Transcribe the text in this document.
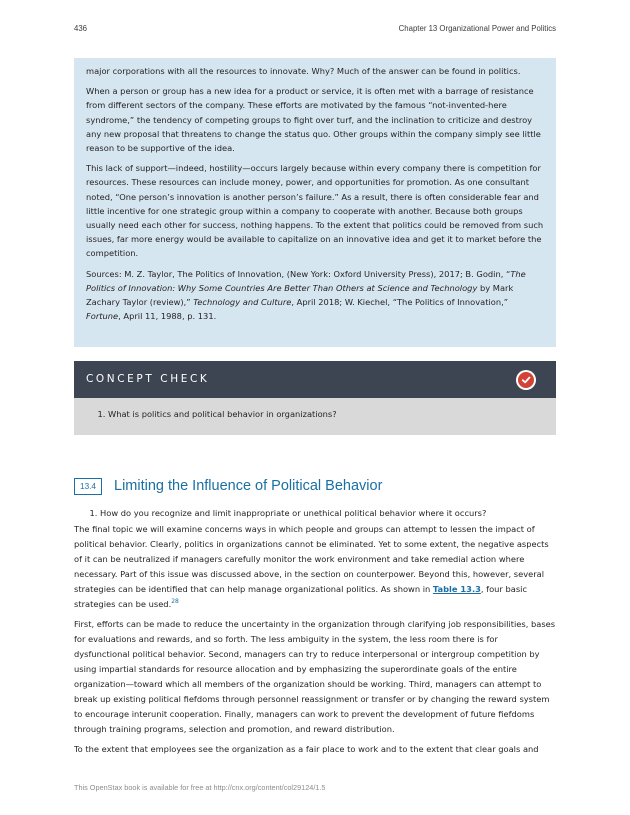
436	Chapter 13 Organizational Power and Politics

major corporations with all the resources to innovate. Why? Much of the answer can be found in politics.

When a person or group has a new idea for a product or service, it is often met with a barrage of resistance from different sectors of the company. These efforts are motivated by the famous “not-invented-here syndrome,” the tendency of competing groups to fight over turf, and the inclination to criticize and destroy any new proposal that threatens to change the status quo. Other groups within the company simply see little reason to be supportive of the idea.

This lack of support—indeed, hostility—occurs largely because within every company there is competition for resources. These resources can include money, power, and opportunities for promotion. As one consultant noted, “One person’s innovation is another person’s failure.” As a result, there is often considerable fear and little incentive for one strategic group within a company to cooperate with another. Because both groups usually need each other for success, nothing happens. To the extent that politics could be removed from such issues, far more energy would be available to capitalize on an innovative idea and get it to market before the competition.

Sources: M. Z. Taylor, The Politics of Innovation, (New York: Oxford University Press), 2017; B. Godin, “The Politics of Innovation: Why Some Countries Are Better Than Others at Science and Technology by Mark Zachary Taylor (review),” Technology and Culture, April 2018; W. Kiechel, “The Politics of Innovation,” Fortune, April 11, 1988, p. 131.

CONCEPT CHECK
1. What is politics and political behavior in organizations?
13.4	Limiting the Influence of Political Behavior
1. How do you recognize and limit inappropriate or unethical political behavior where it occurs?

The final topic we will examine concerns ways in which people and groups can attempt to lessen the impact of political behavior. Clearly, politics in organizations cannot be eliminated. Yet to some extent, the negative aspects of it can be neutralized if managers carefully monitor the work environment and take remedial action where necessary. Part of this issue was discussed above, in the section on counterpower. Beyond this, however, several strategies can be identified that can help manage organizational politics. As shown in Table 13.3, four basic strategies can be used.$^{28}$

First, efforts can be made to reduce the uncertainty in the organization through clarifying job responsibilities, bases for evaluations and rewards, and so forth. The less ambiguity in the system, the less room there is for dysfunctional political behavior. Second, managers can try to reduce interpersonal or intergroup competition by using impartial standards for resource allocation and by emphasizing the superordinate goals of the entire organization—toward which all members of the organization should be working. Third, managers can attempt to break up existing political fiefdoms through personnel reassignment or transfer or by changing the reward system to encourage interunit cooperation. Finally, managers can work to prevent the development of future fiefdoms through training programs, selection and promotion, and reward distribution.

To the extent that employees see the organization as a fair place to work and to the extent that clear goals and

This OpenStax book is available for free at http://cnx.org/content/col29124/1.5
